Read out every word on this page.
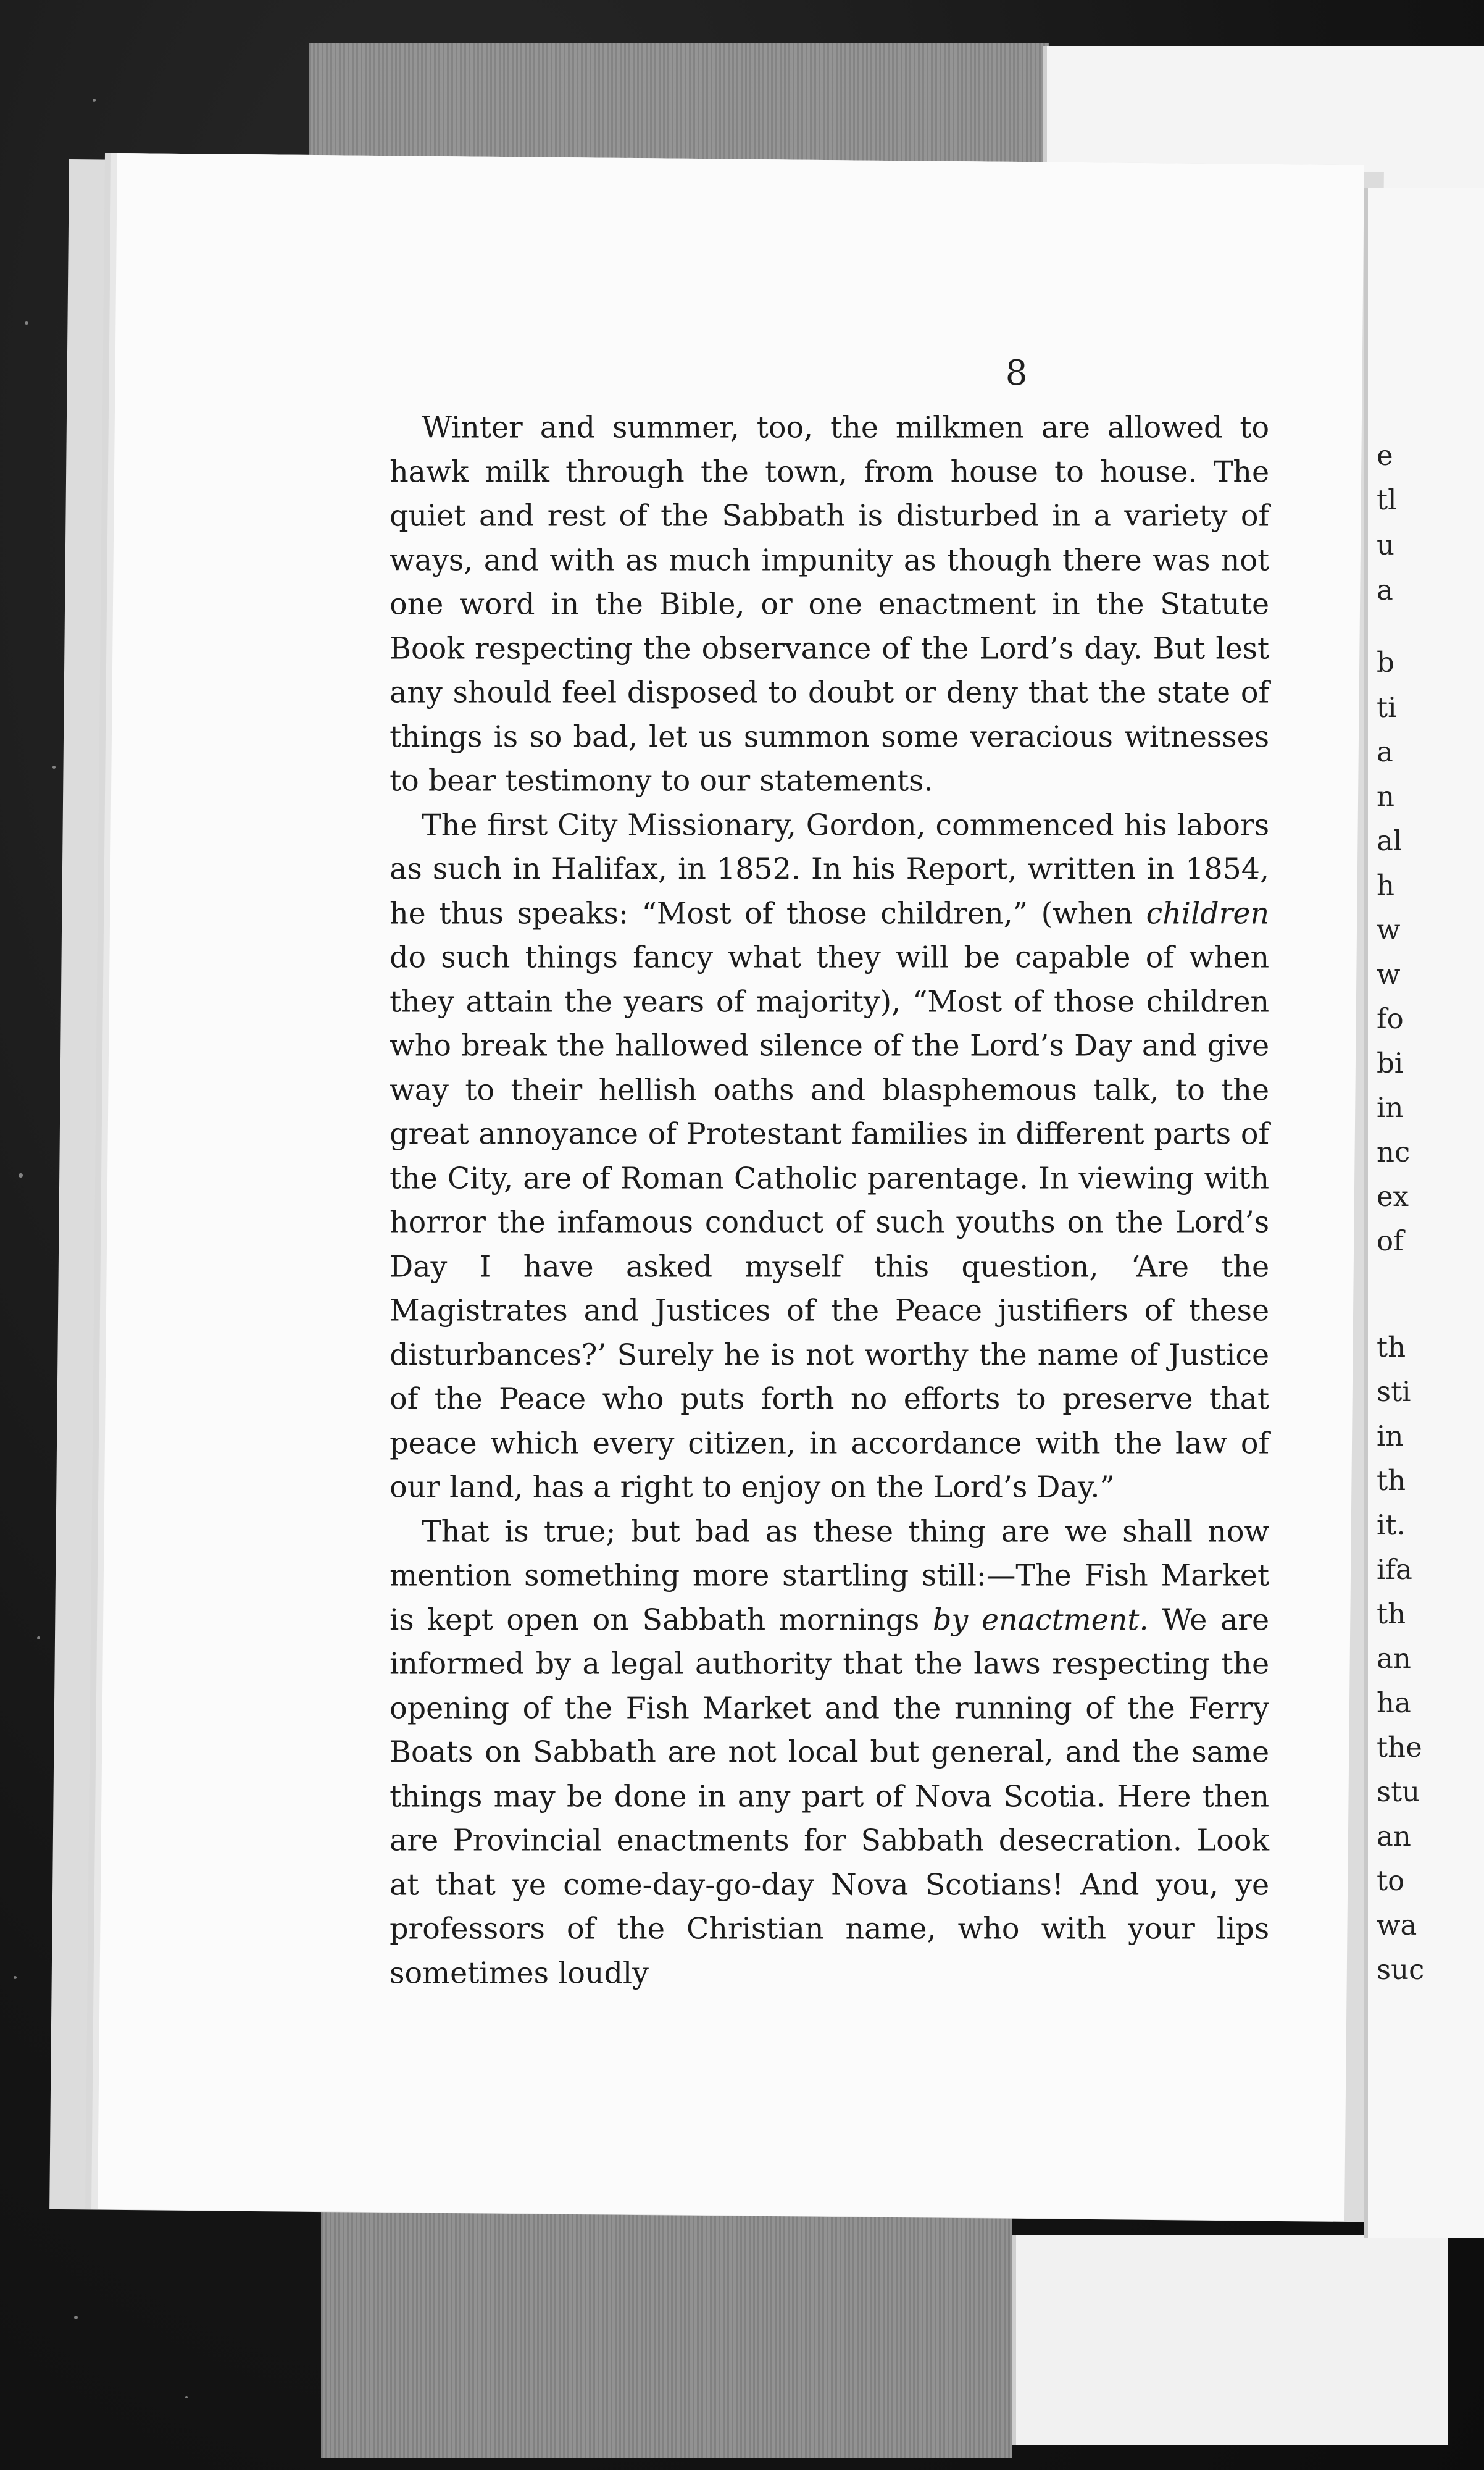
e
tl
u
a
b
ti
a
n
al
h
w
w
fo
bi
in
nc
ex
of
th
sti
in
th
it.
ifa
th
an
ha
the
stu
an
to
wa
suc
8

Winter and summer, too, the milkmen are allowed to hawk milk through the town, from house to house. The quiet and rest of the Sabbath is disturbed in a variety of ways, and with as much impunity as though there was not one word in the Bible, or one enactment in the Statute Book respecting the observance of the Lord’s day. But lest any should feel disposed to doubt or deny that the state of things is so bad, let us summon some veracious witnesses to bear testimony to our statements.

The first City Missionary, Gordon, commenced his labors as such in Halifax, in 1852. In his Report, written in 1854, he thus speaks: “Most of those children,” (when children do such things fancy what they will be capable of when they attain the years of majority), “Most of those children who break the hallowed silence of the Lord’s Day and give way to their hellish oaths and blasphemous talk, to the great annoyance of Protestant families in different parts of the City, are of Roman Catholic parentage. In viewing with horror the infamous conduct of such youths on the Lord’s Day I have asked myself this question, ‘Are the Magistrates and Justices of the Peace justifiers of these disturbances?’ Surely he is not worthy the name of Justice of the Peace who puts forth no efforts to preserve that peace which every citizen, in accordance with the law of our land, has a right to enjoy on the Lord’s Day.”

That is true; but bad as these thing are we shall now mention something more startling still:—The Fish Market is kept open on Sabbath mornings by enactment. We are informed by a legal authority that the laws respecting the opening of the Fish Market and the running of the Ferry Boats on Sabbath are not local but general, and the same things may be done in any part of Nova Scotia. Here then are Provincial enactments for Sabbath desecration. Look at that ye come-day-go-day Nova Scotians! And you, ye professors of the Christian name, who with your lips sometimes loudly
